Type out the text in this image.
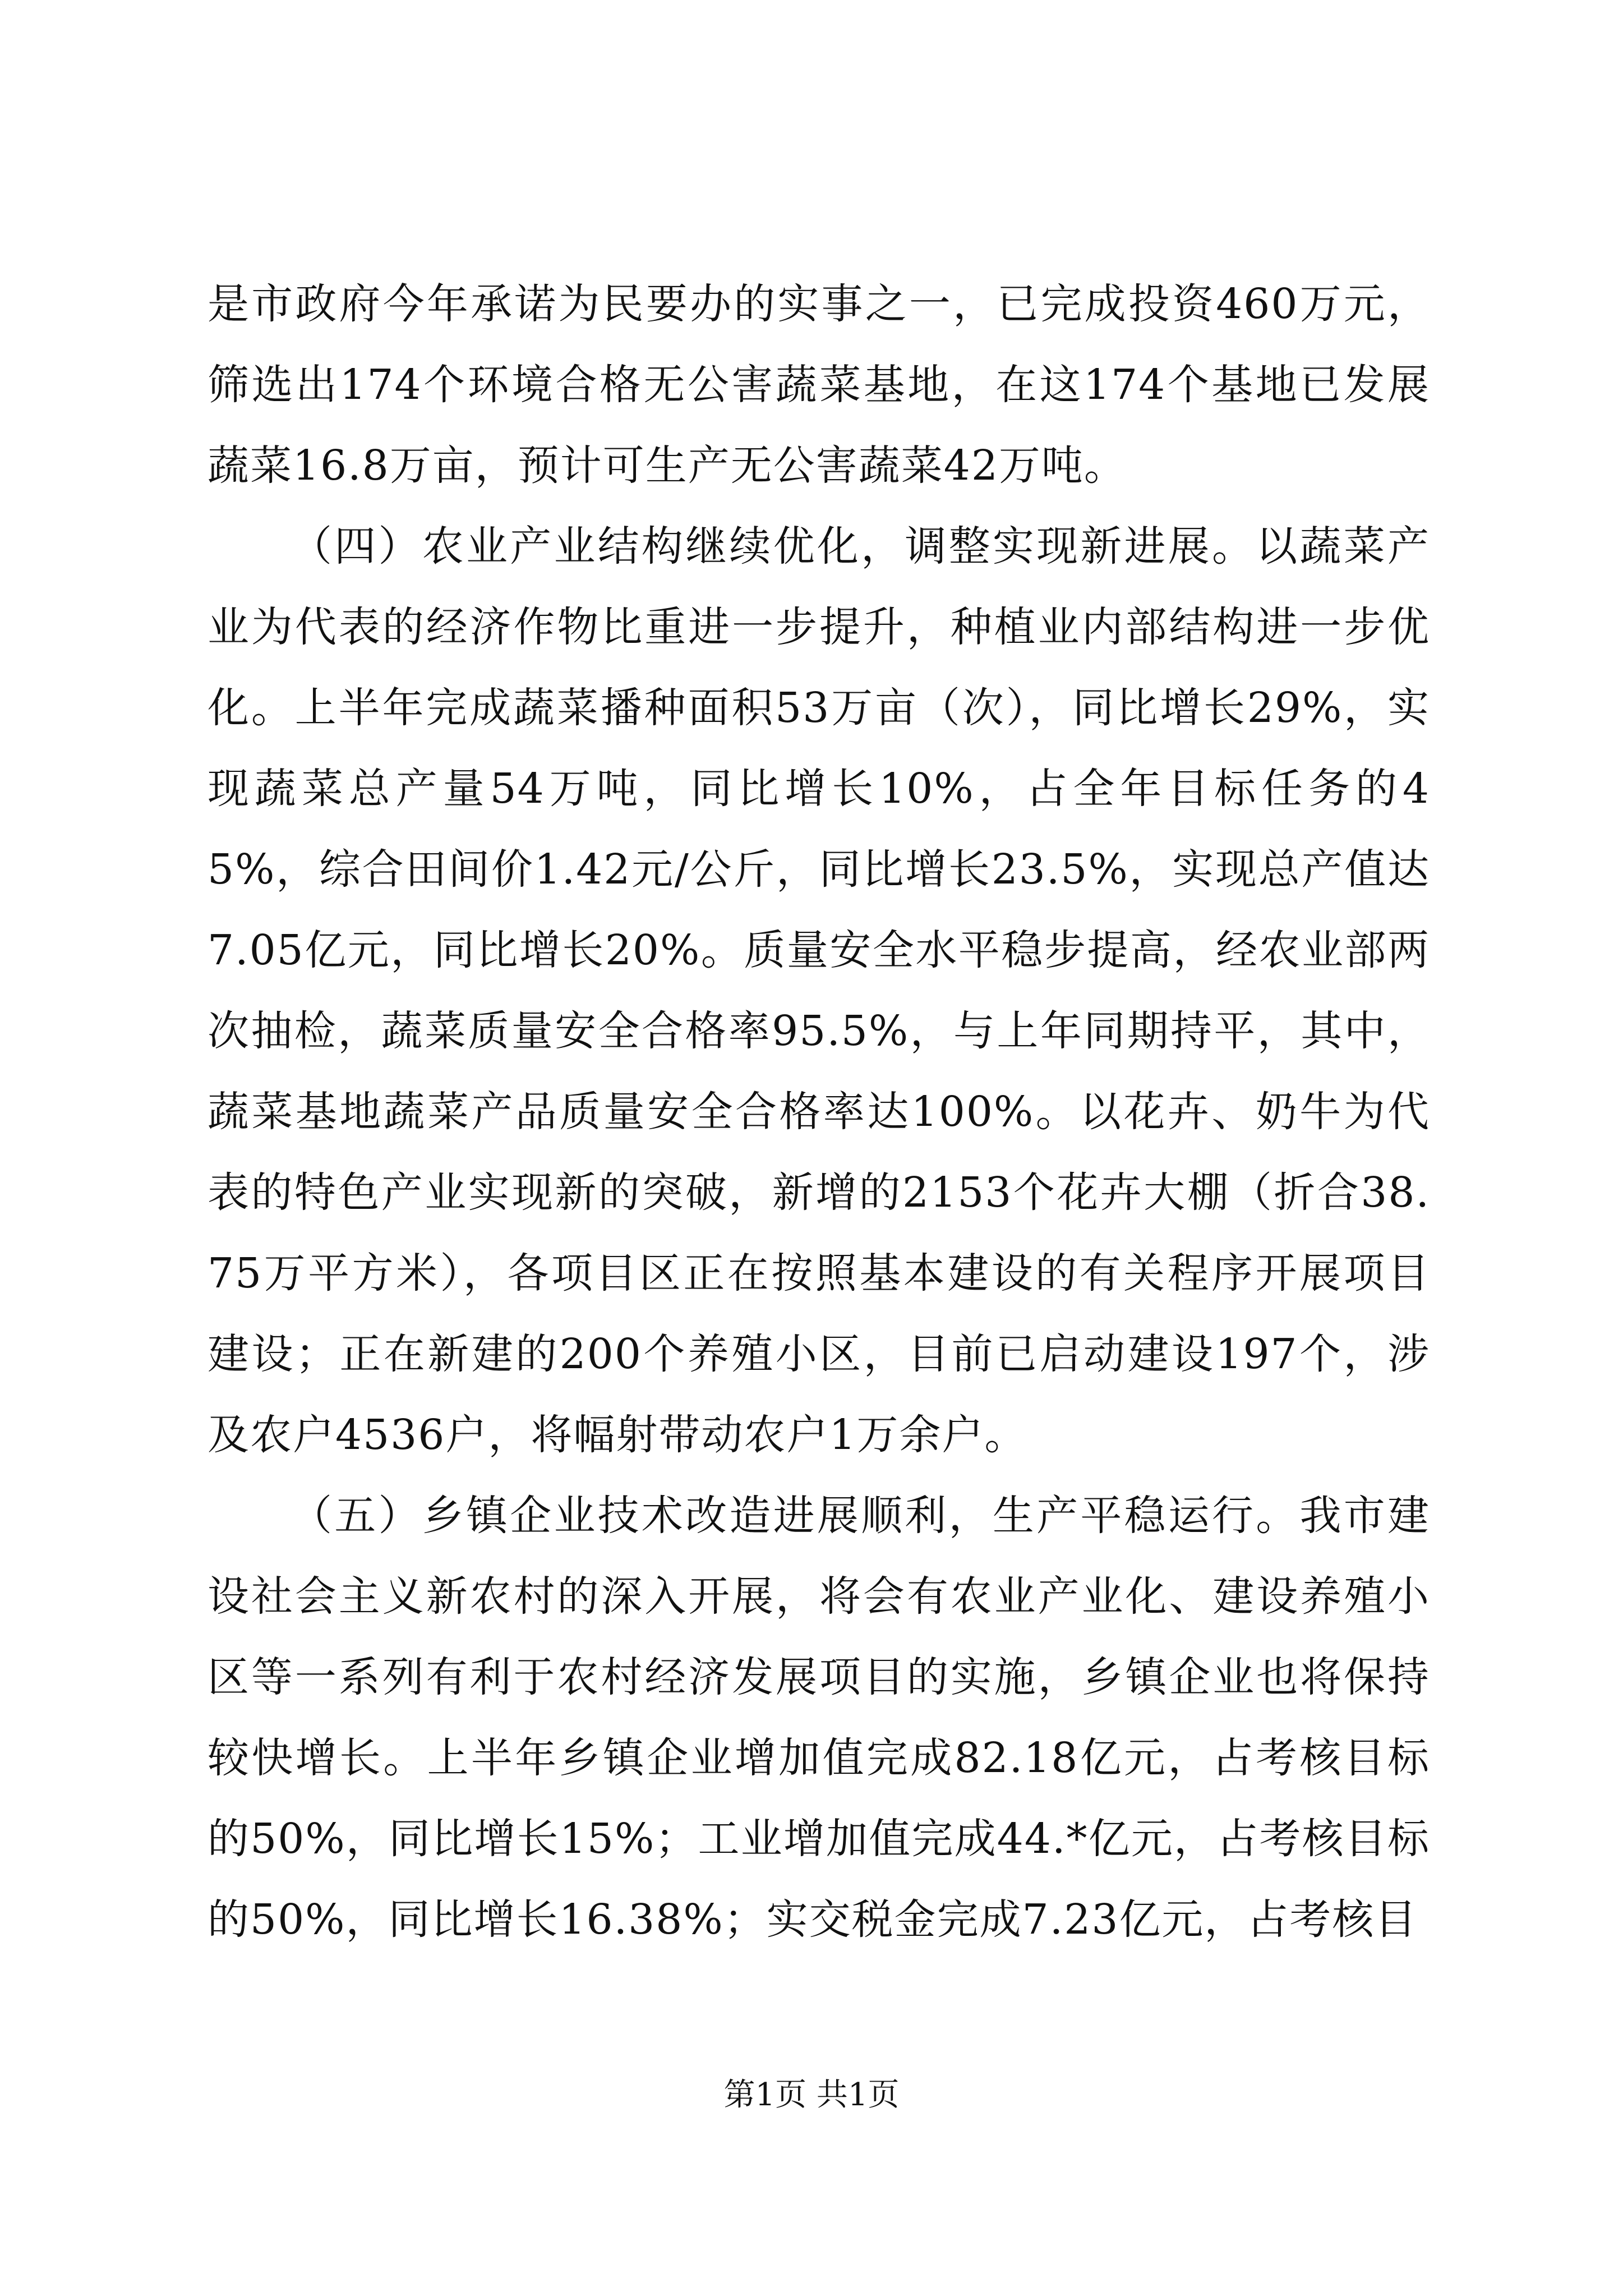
是市政府今年承诺为民要办的实事之一，已完成投资460万元，筛选出174个环境合格无公害蔬菜基地，在这174个基地已发展蔬菜16.8万亩，预计可生产无公害蔬菜42万吨。

（四）农业产业结构继续优化，调整实现新进展。以蔬菜产业为代表的经济作物比重进一步提升，种植业内部结构进一步优化。上半年完成蔬菜播种面积53万亩（次），同比增长29%，实现蔬菜总产量54万吨，同比增长10%，占全年目标任务的45%，综合田间价1.42元/公斤，同比增长23.5%，实现总产值达7.05亿元，同比增长20%。质量安全水平稳步提高，经农业部两次抽检，蔬菜质量安全合格率95.5%，与上年同期持平，其中，蔬菜基地蔬菜产品质量安全合格率达100%。以花卉、奶牛为代表的特色产业实现新的突破，新增的2153个花卉大棚（折合38.75万平方米），各项目区正在按照基本建设的有关程序开展项目建设；正在新建的200个养殖小区，目前已启动建设197个，涉及农户4536户，将幅射带动农户1万余户。

（五）乡镇企业技术改造进展顺利，生产平稳运行。我市建设社会主义新农村的深入开展，将会有农业产业化、建设养殖小区等一系列有利于农村经济发展项目的实施，乡镇企业也将保持较快增长。上半年乡镇企业增加值完成82.18亿元，占考核目标的50%，同比增长15%；工业增加值完成44.*亿元，占考核目标的50%，同比增长16.38%；实交税金完成7.23亿元，占考核目

第1页 共1页
